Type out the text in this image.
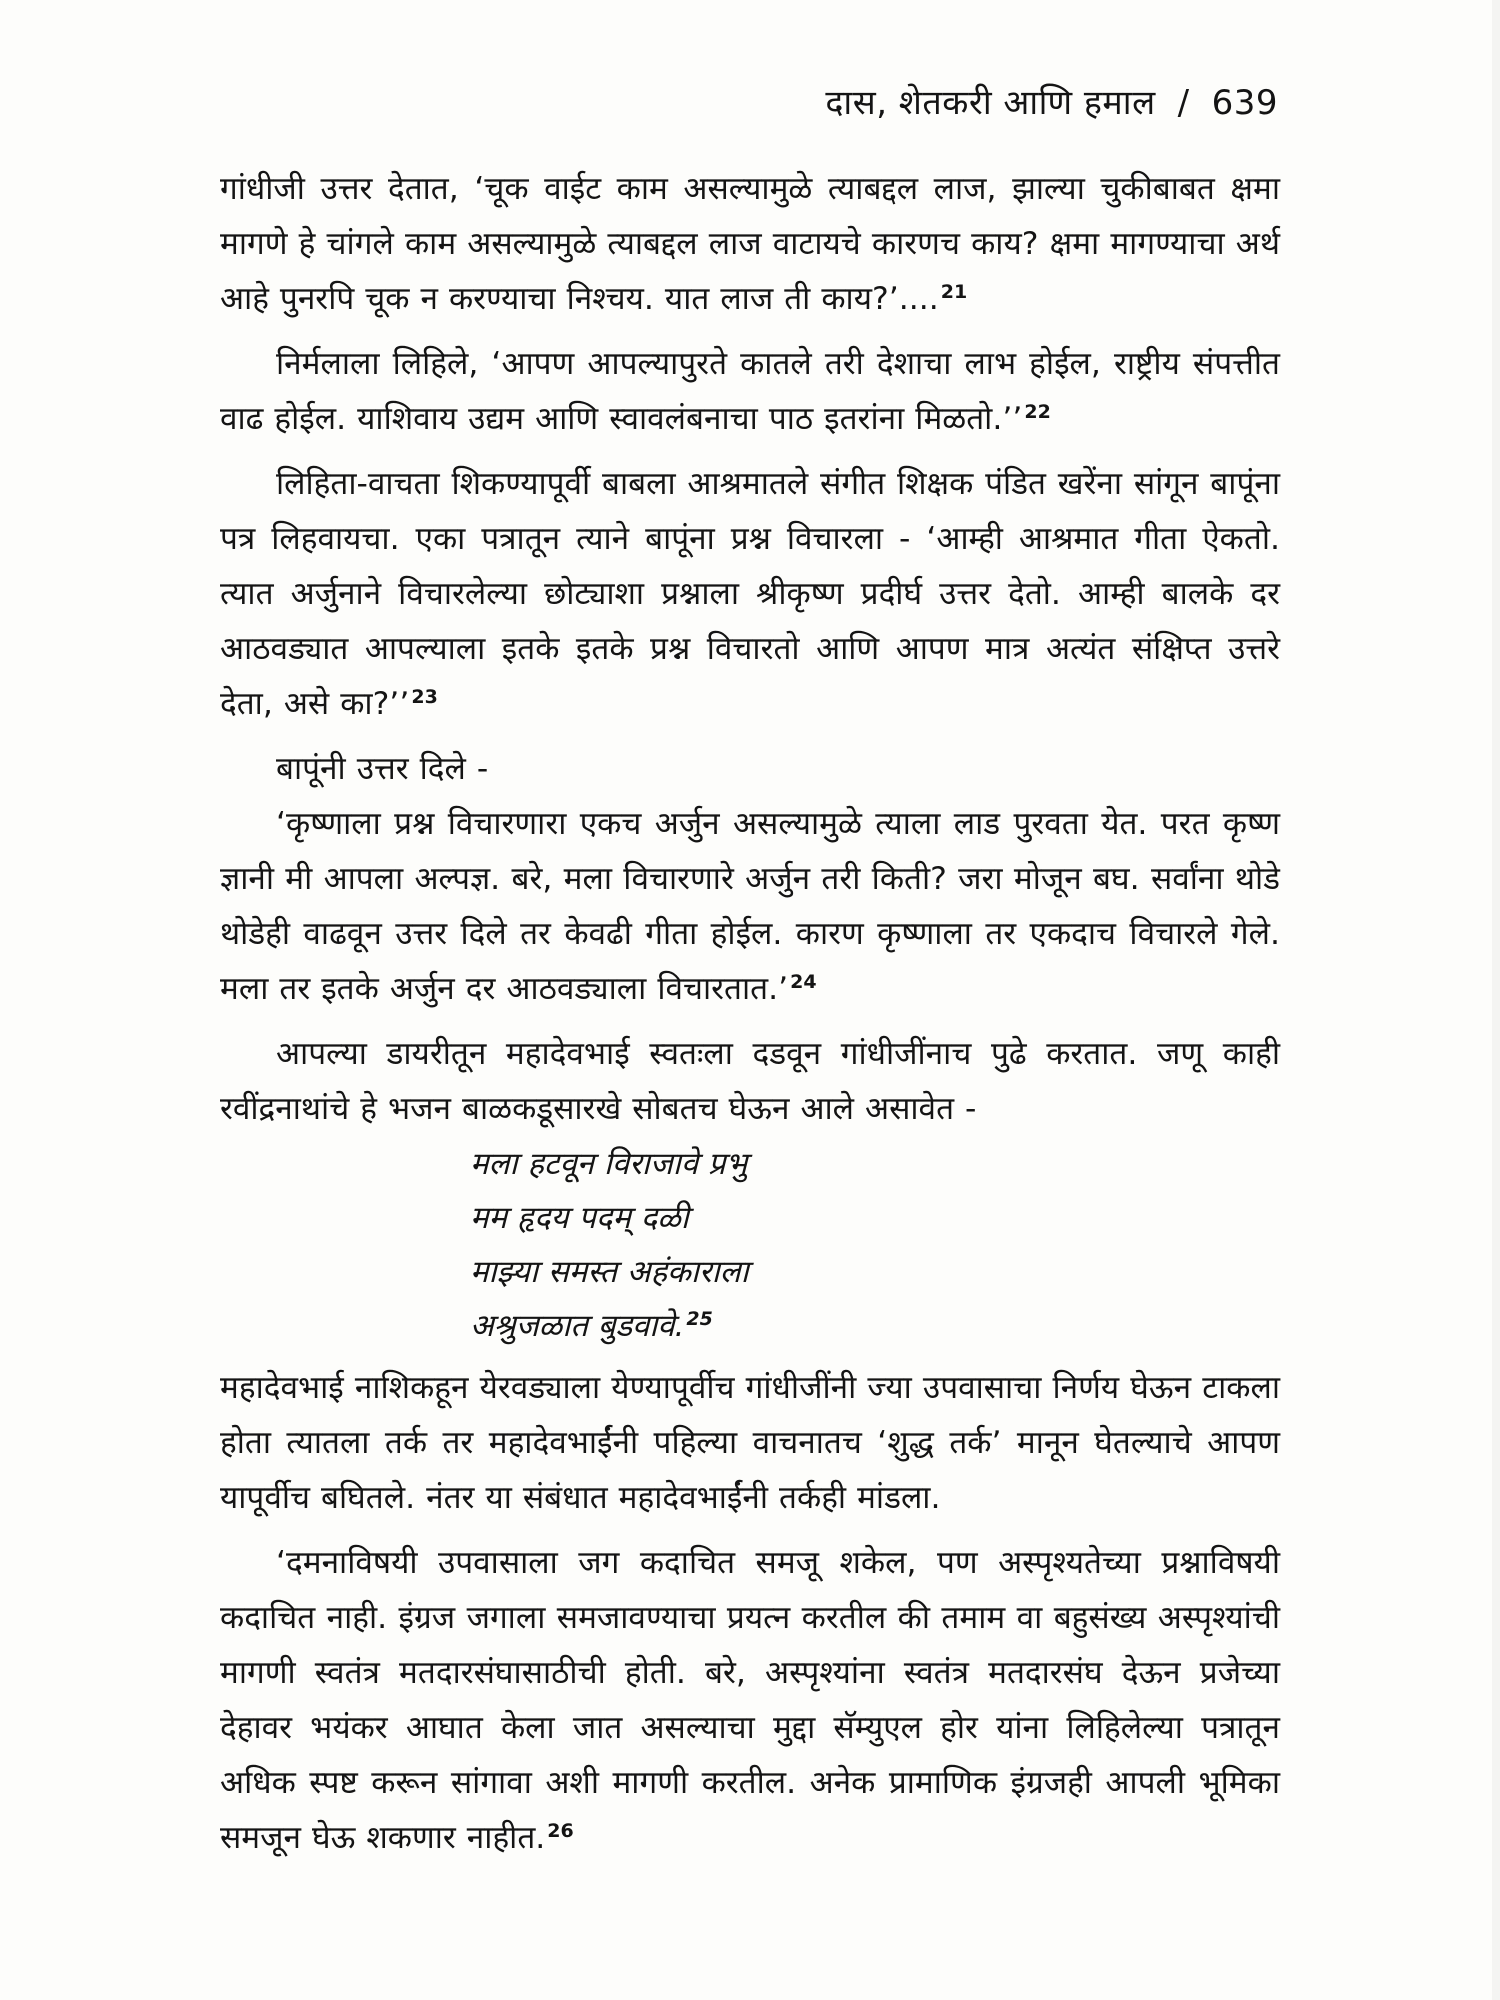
दास, शेतकरी आणि हमाल / 639

गांधीजी उत्तर देतात, ‘चूक वाईट काम असल्यामुळे त्याबद्दल लाज, झाल्या चुकीबाबत क्षमा मागणे हे चांगले काम असल्यामुळे त्याबद्दल लाज वाटायचे कारणच काय? क्षमा मागण्याचा अर्थ आहे पुनरपि चूक न करण्याचा निश्चय. यात लाज ती काय?’.... $^{21}$

निर्मलाला लिहिले, ‘आपण आपल्यापुरते कातले तरी देशाचा लाभ होईल, राष्ट्रीय संपत्तीत वाढ होईल. याशिवाय उद्यम आणि स्वावलंबनाचा पाठ इतरांना मिळतो.’’ $^{22}$

लिहिता-वाचता शिकण्यापूर्वी बाबला आश्रमातले संगीत शिक्षक पंडित खरेंना सांगून बापूंना पत्र लिहवायचा. एका पत्रातून त्याने बापूंना प्रश्न विचारला - ‘आम्ही आश्रमात गीता ऐकतो. त्यात अर्जुनाने विचारलेल्या छोट्याशा प्रश्नाला श्रीकृष्ण प्रदीर्घ उत्तर देतो. आम्ही बालके दर आठवड्यात आपल्याला इतके इतके प्रश्न विचारतो आणि आपण मात्र अत्यंत संक्षिप्त उत्तरे देता, असे का?’’ $^{23}$

बापूंनी उत्तर दिले -

‘कृष्णाला प्रश्न विचारणारा एकच अर्जुन असल्यामुळे त्याला लाड पुरवता येत. परत कृष्ण ज्ञानी मी आपला अल्पज्ञ. बरे, मला विचारणारे अर्जुन तरी किती? जरा मोजून बघ. सर्वांना थोडे थोडेही वाढवून उत्तर दिले तर केवढी गीता होईल. कारण कृष्णाला तर एकदाच विचारले गेले. मला तर इतके अर्जुन दर आठवड्याला विचारतात.’ $^{24}$

आपल्या डायरीतून महादेवभाई स्वतःला दडवून गांधीजींनाच पुढे करतात. जणू काही रवींद्रनाथांचे हे भजन बाळकडूसारखे सोबतच घेऊन आले असावेत -

मला हटवून विराजावे प्रभु
मम हृदय पदम् दळी
माझ्या समस्त अहंकाराला
अश्रुजळात बुडवावे. $^{25}$

महादेवभाई नाशिकहून येरवड्याला येण्यापूर्वीच गांधीजींनी ज्या उपवासाचा निर्णय घेऊन टाकला होता त्यातला तर्क तर महादेवभाईंनी पहिल्या वाचनातच ‘शुद्ध तर्क’ मानून घेतल्याचे आपण यापूर्वीच बघितले. नंतर या संबंधात महादेवभाईंनी तर्कही मांडला.

‘दमनाविषयी उपवासाला जग कदाचित समजू शकेल, पण अस्पृश्यतेच्या प्रश्नाविषयी कदाचित नाही. इंग्रज जगाला समजावण्याचा प्रयत्न करतील की तमाम वा बहुसंख्य अस्पृश्यांची मागणी स्वतंत्र मतदारसंघासाठीची होती. बरे, अस्पृश्यांना स्वतंत्र मतदारसंघ देऊन प्रजेच्या देहावर भयंकर आघात केला जात असल्याचा मुद्दा सॅम्युएल होर यांना लिहिलेल्या पत्रातून अधिक स्पष्ट करून सांगावा अशी मागणी करतील. अनेक प्रामाणिक इंग्रजही आपली भूमिका समजून घेऊ शकणार नाहीत. $^{26}$
